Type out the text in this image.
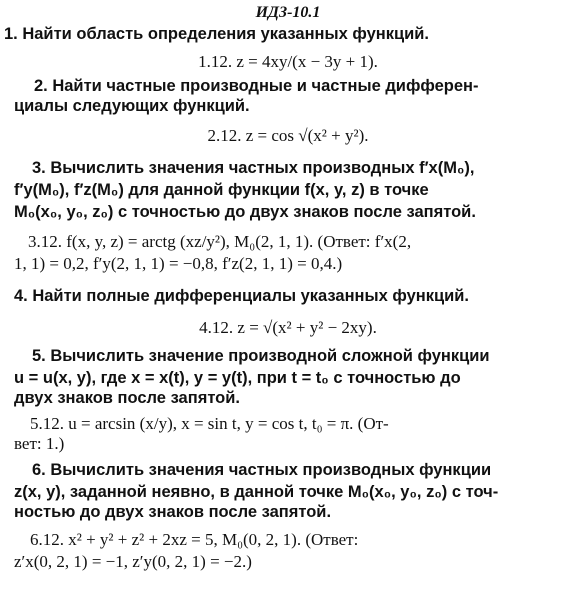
ИДЗ-10.1
1. Найти область определения указанных функций.
1.12. z = 4xy/(x − 3y + 1).
2. Найти частные производные и частные дифферен-
циалы следующих функций.
2.12. z = cos √(x² + y²).
3. Вычислить значения частных производных f′x(M₀),
f′y(M₀), f′z(M₀) для данной функции f(x, y, z) в точке
M₀(x₀, y₀, z₀) с точностью до двух знаков после запятой.
3.12. f(x, y, z) = arctg (xz/y²), M₀(2, 1, 1). (Ответ: f′x(2,
1, 1) = 0,2, f′y(2, 1, 1) = −0,8, f′z(2, 1, 1) = 0,4.)
4. Найти полные дифференциалы указанных функций.
4.12. z = √(x² + y² − 2xy).
5. Вычислить значение производной сложной функции
u = u(x, y), где x = x(t), y = y(t), при t = t₀ с точностью до
двух знаков после запятой.
5.12. u = arcsin (x/y), x = sin t, y = cos t, t₀ = π. (От-
вет: 1.)
6. Вычислить значения частных производных функции
z(x, y), заданной неявно, в данной точке M₀(x₀, y₀, z₀) с точ-
ностью до двух знаков после запятой.
6.12. x² + y² + z² + 2xz = 5, M₀(0, 2, 1). (Ответ:
z′x(0, 2, 1) = −1, z′y(0, 2, 1) = −2.)
